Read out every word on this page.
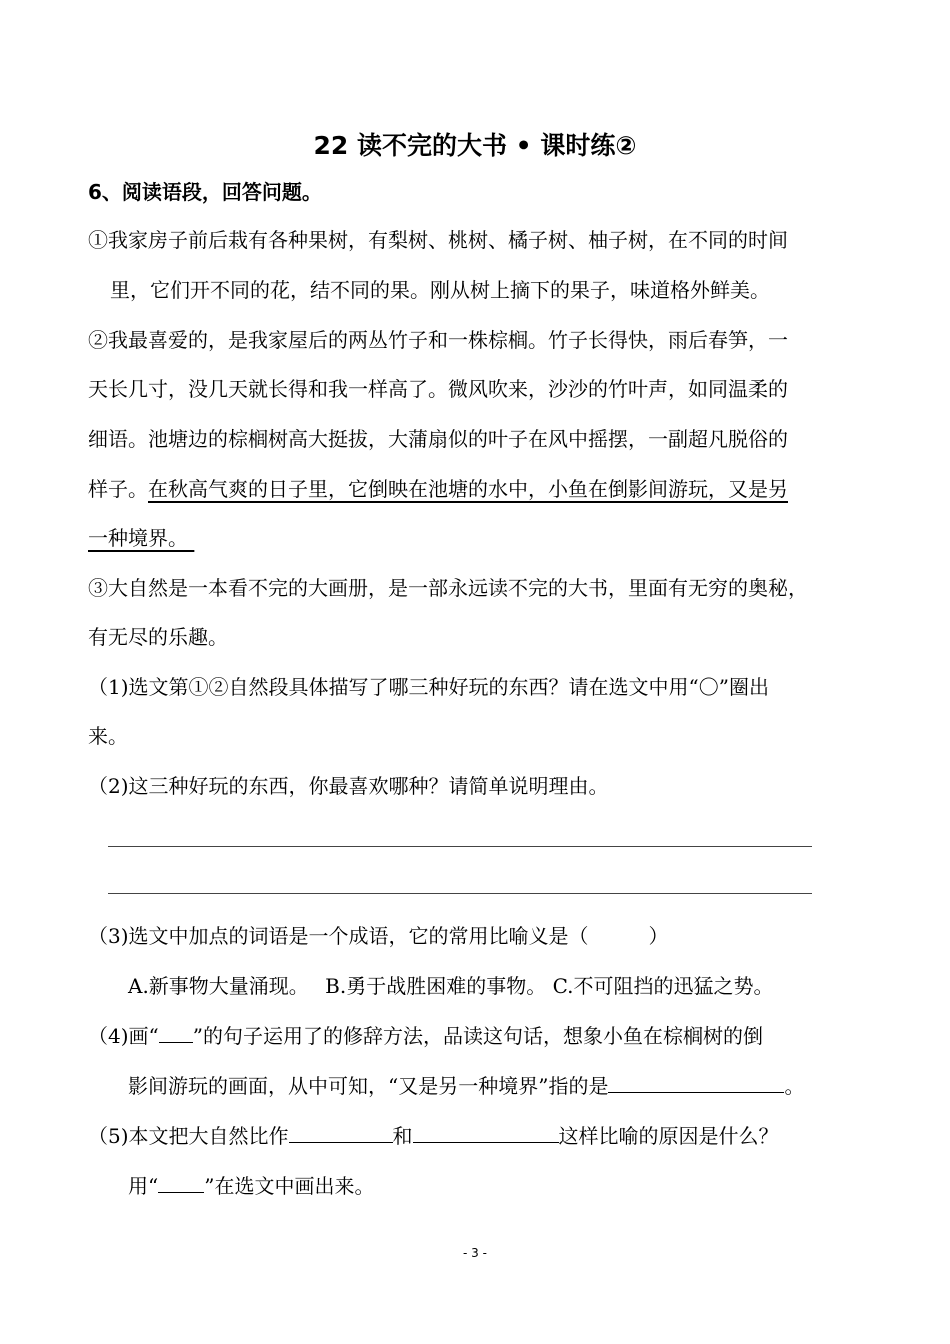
22 读不完的大书 • 课时练②
6、阅读语段，回答问题。
①我家房子前后栽有各种果树，有梨树、桃树、橘子树、柚子树，在不同的时间
里，它们开不同的花，结不同的果。刚从树上摘下的果子，味道格外鲜美。
②我最喜爱的，是我家屋后的两丛竹子和一株棕榈。竹子长得快，雨后春笋，一
天长几寸，没几天就长得和我一样高了。微风吹来，沙沙的竹叶声，如同温柔的
细语。池塘边的棕榈树高大挺拔，大蒲扇似的叶子在风中摇摆，一副超凡脱俗的
样子。在秋高气爽的日子里，它倒映在池塘的水中，小鱼在倒影间游玩，又是另
一种境界。
③大自然是一本看不完的大画册，是一部永远读不完的大书，里面有无穷的奥秘，
有无尽的乐趣。
（1)选文第①②自然段具体描写了哪三种好玩的东西？请在选文中用“〇”圈出
来。
（2)这三种好玩的东西，你最喜欢哪种？请简单说明理由。
（3)选文中加点的词语是一个成语，它的常用比喻义是（　　　）
A.新事物大量涌现。　 B.勇于战胜困难的事物。 C.不可阻挡的迅猛之势。
（4)画“ ”的句子运用了的修辞方法，品读这句话，想象小鱼在棕榈树的倒
影间游玩的画面，从中可知，“又是另一种境界”指的是	。
（5)本文把大自然比作	和	这样比喻的原因是什么？
用“ ”在选文中画出来。
- 3 -
